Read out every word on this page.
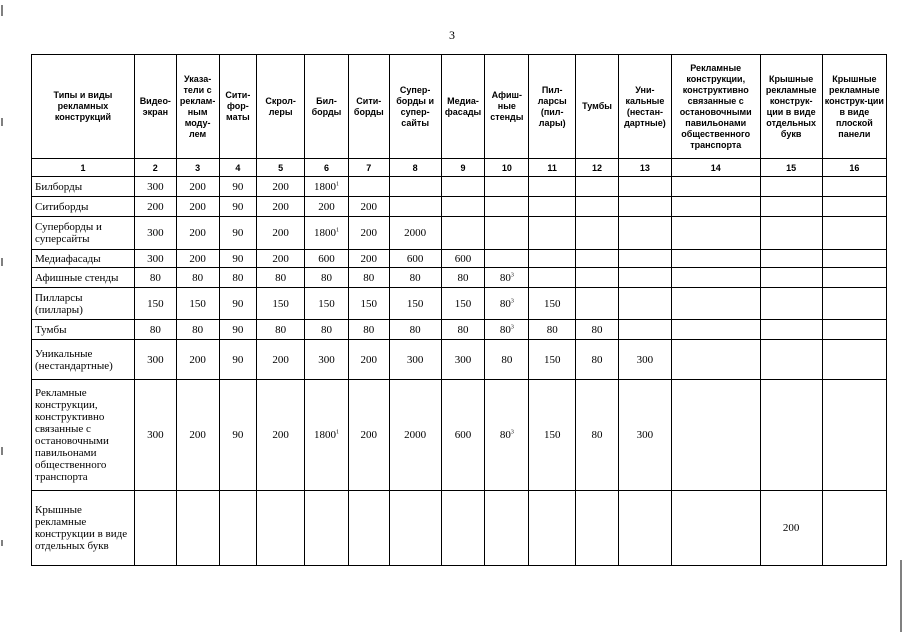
3
Типы и виды рекламных конструкций	Видео-экран	Указа-тели с реклам-ным моду-лем	Сити-фор-маты	Скрол-леры	Бил-борды	Сити-борды	Супер-борды и супер-сайты	Медиа-фасады	Афиш-ные стенды	Пил-ларсы (пил-лары)	Тумбы	Уни-кальные (нестан-дартные)	Рекламные конструкции, конструктивно связанные с остановочными павильонами общественного транспорта	Крышные рекламные конструк-ции в виде отдельных букв	Крышные рекламные конструк-ции в виде плоской панели
1	2	3	4	5	6	7	8	9	10	11	12	13	14	15	16
Билборды	300	200	90	200	1800$^1$										
Ситиборды	200	200	90	200	200	200									
Суперборды и суперсайты	300	200	90	200	1800$^1$	200	2000								
Медиафасады	300	200	90	200	600	200	600	600							
Афишные стенды	80	80	80	80	80	80	80	80	$80^3$						
Пилларсы (пиллары)	150	150	90	150	150	150	150	150	$80^3$	150					
Тумбы	80	80	90	80	80	80	80	80	$80^3$	80	80				
Уникальные (нестандартные)	300	200	90	200	300	200	300	300	80	150	80	300			
Рекламные конструкции, конструктивно связанные с остановочными павильонами общественного транспорта	300	200	90	200	1800$^1$	200	2000	600	$80^3$	150	80	300			
Крышные рекламные конструкции в виде отдельных букв														200	
